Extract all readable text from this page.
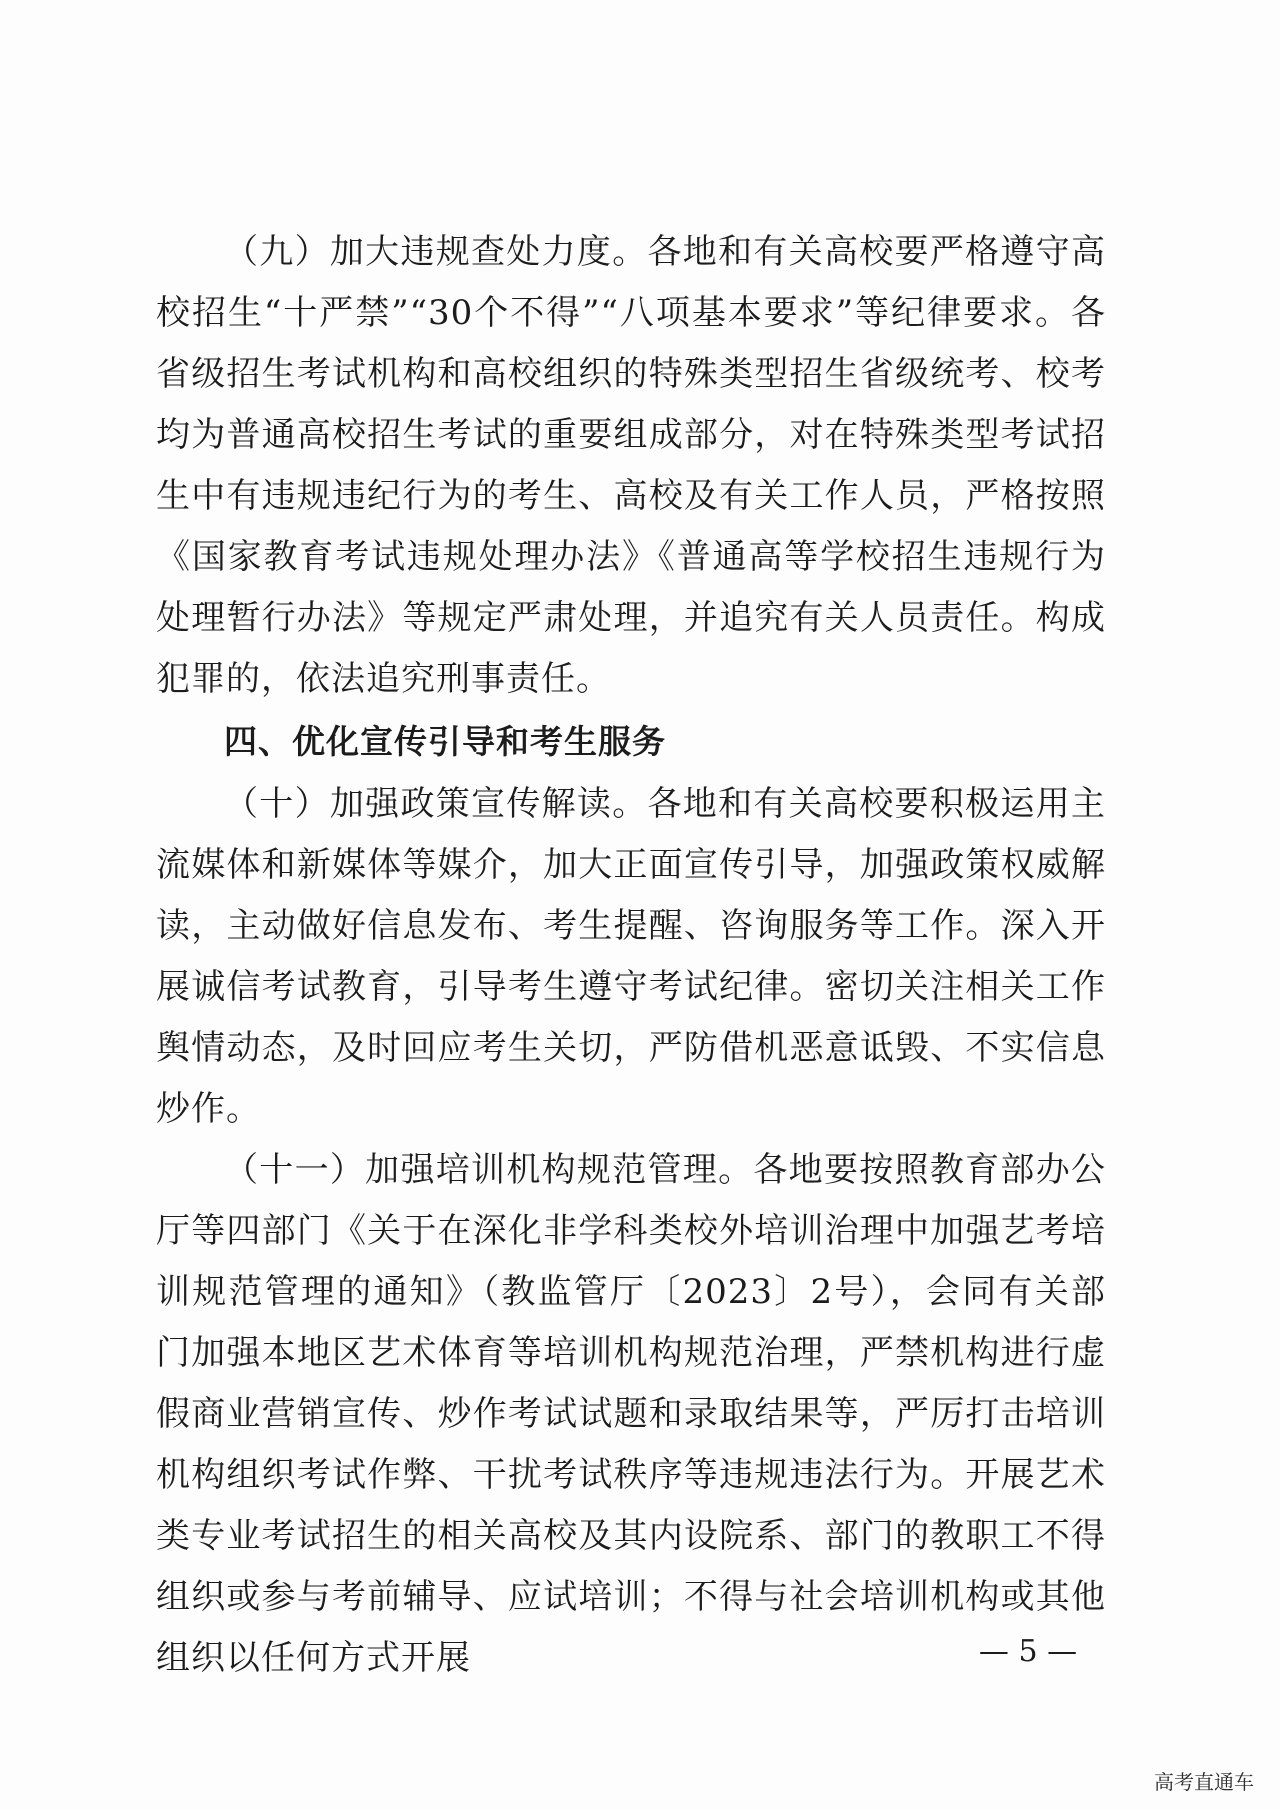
（九）加大违规查处力度。各地和有关高校要严格遵守高校招生“十严禁”“30个不得”“八项基本要求”等纪律要求。各省级招生考试机构和高校组织的特殊类型招生省级统考、校考均为普通高校招生考试的重要组成部分，对在特殊类型考试招生中有违规违纪行为的考生、高校及有关工作人员，严格按照《国家教育考试违规处理办法》《普通高等学校招生违规行为处理暂行办法》等规定严肃处理，并追究有关人员责任。构成犯罪的，依法追究刑事责任。

四、优化宣传引导和考生服务

（十）加强政策宣传解读。各地和有关高校要积极运用主流媒体和新媒体等媒介，加大正面宣传引导，加强政策权威解读，主动做好信息发布、考生提醒、咨询服务等工作。深入开展诚信考试教育，引导考生遵守考试纪律。密切关注相关工作舆情动态，及时回应考生关切，严防借机恶意诋毁、不实信息炒作。

（十一）加强培训机构规范管理。各地要按照教育部办公厅等四部门《关于在深化非学科类校外培训治理中加强艺考培训规范管理的通知》（教监管厅〔2023〕2号），会同有关部门加强本地区艺术体育等培训机构规范治理，严禁机构进行虚假商业营销宣传、炒作考试试题和录取结果等，严厉打击培训机构组织考试作弊、干扰考试秩序等违规违法行为。开展艺术类专业考试招生的相关高校及其内设院系、部门的教职工不得组织或参与考前辅导、应试培训；不得与社会培训机构或其他组织以任何方式开展	— 5 —
高考直通车
